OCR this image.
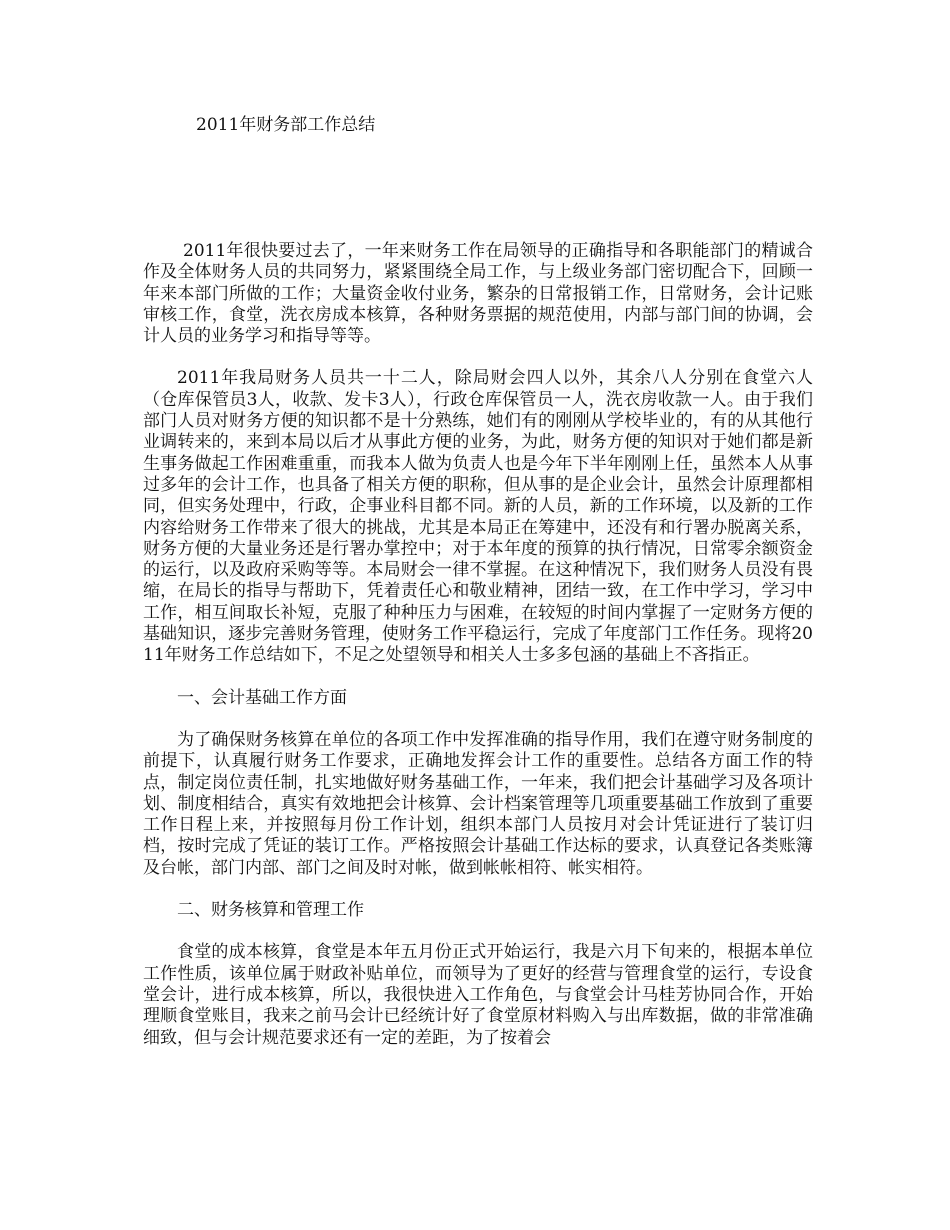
2011年财务部工作总结

2011年很快要过去了，一年来财务工作在局领导的正确指导和各职能部门的精诚合作及全体财务人员的共同努力，紧紧围绕全局工作，与上级业务部门密切配合下，回顾一年来本部门所做的工作；大量资金收付业务，繁杂的日常报销工作，日常财务，会计记账审核工作，食堂，洗衣房成本核算，各种财务票据的规范使用，内部与部门间的协调，会计人员的业务学习和指导等等。

2011年我局财务人员共一十二人，除局财会四人以外，其余八人分别在食堂六人（仓库保管员3人，收款、发卡3人），行政仓库保管员一人，洗衣房收款一人。由于我们部门人员对财务方便的知识都不是十分熟练，她们有的刚刚从学校毕业的，有的从其他行业调转来的，来到本局以后才从事此方便的业务，为此，财务方便的知识对于她们都是新生事务做起工作困难重重，而我本人做为负责人也是今年下半年刚刚上任，虽然本人从事过多年的会计工作，也具备了相关方便的职称，但从事的是企业会计，虽然会计原理都相同，但实务处理中，行政，企事业科目都不同。新的人员，新的工作环境，以及新的工作内容给财务工作带来了很大的挑战，尤其是本局正在筹建中，还没有和行署办脱离关系，财务方便的大量业务还是行署办掌控中；对于本年度的预算的执行情况，日常零余额资金的运行，以及政府采购等等。本局财会一律不掌握。在这种情况下，我们财务人员没有畏缩，在局长的指导与帮助下，凭着责任心和敬业精神，团结一致，在工作中学习，学习中工作，相互间取长补短，克服了种种压力与困难，在较短的时间内掌握了一定财务方便的基础知识，逐步完善财务管理，使财务工作平稳运行，完成了年度部门工作任务。现将2011年财务工作总结如下，不足之处望领导和相关人士多多包涵的基础上不吝指正。

一、会计基础工作方面

为了确保财务核算在单位的各项工作中发挥准确的指导作用，我们在遵守财务制度的前提下，认真履行财务工作要求，正确地发挥会计工作的重要性。总结各方面工作的特点，制定岗位责任制，扎实地做好财务基础工作，一年来，我们把会计基础学习及各项计划、制度相结合，真实有效地把会计核算、会计档案管理等几项重要基础工作放到了重要工作日程上来，并按照每月份工作计划，组织本部门人员按月对会计凭证进行了装订归档，按时完成了凭证的装订工作。严格按照会计基础工作达标的要求，认真登记各类账簿及台帐，部门内部、部门之间及时对帐，做到帐帐相符、帐实相符。

二、财务核算和管理工作

食堂的成本核算，食堂是本年五月份正式开始运行，我是六月下旬来的，根据本单位工作性质，该单位属于财政补贴单位，而领导为了更好的经营与管理食堂的运行，专设食堂会计，进行成本核算，所以，我很快进入工作角色，与食堂会计马桂芳协同合作，开始理顺食堂账目，我来之前马会计已经统计好了食堂原材料购入与出库数据，做的非常准确细致，但与会计规范要求还有一定的差距，为了按着会
